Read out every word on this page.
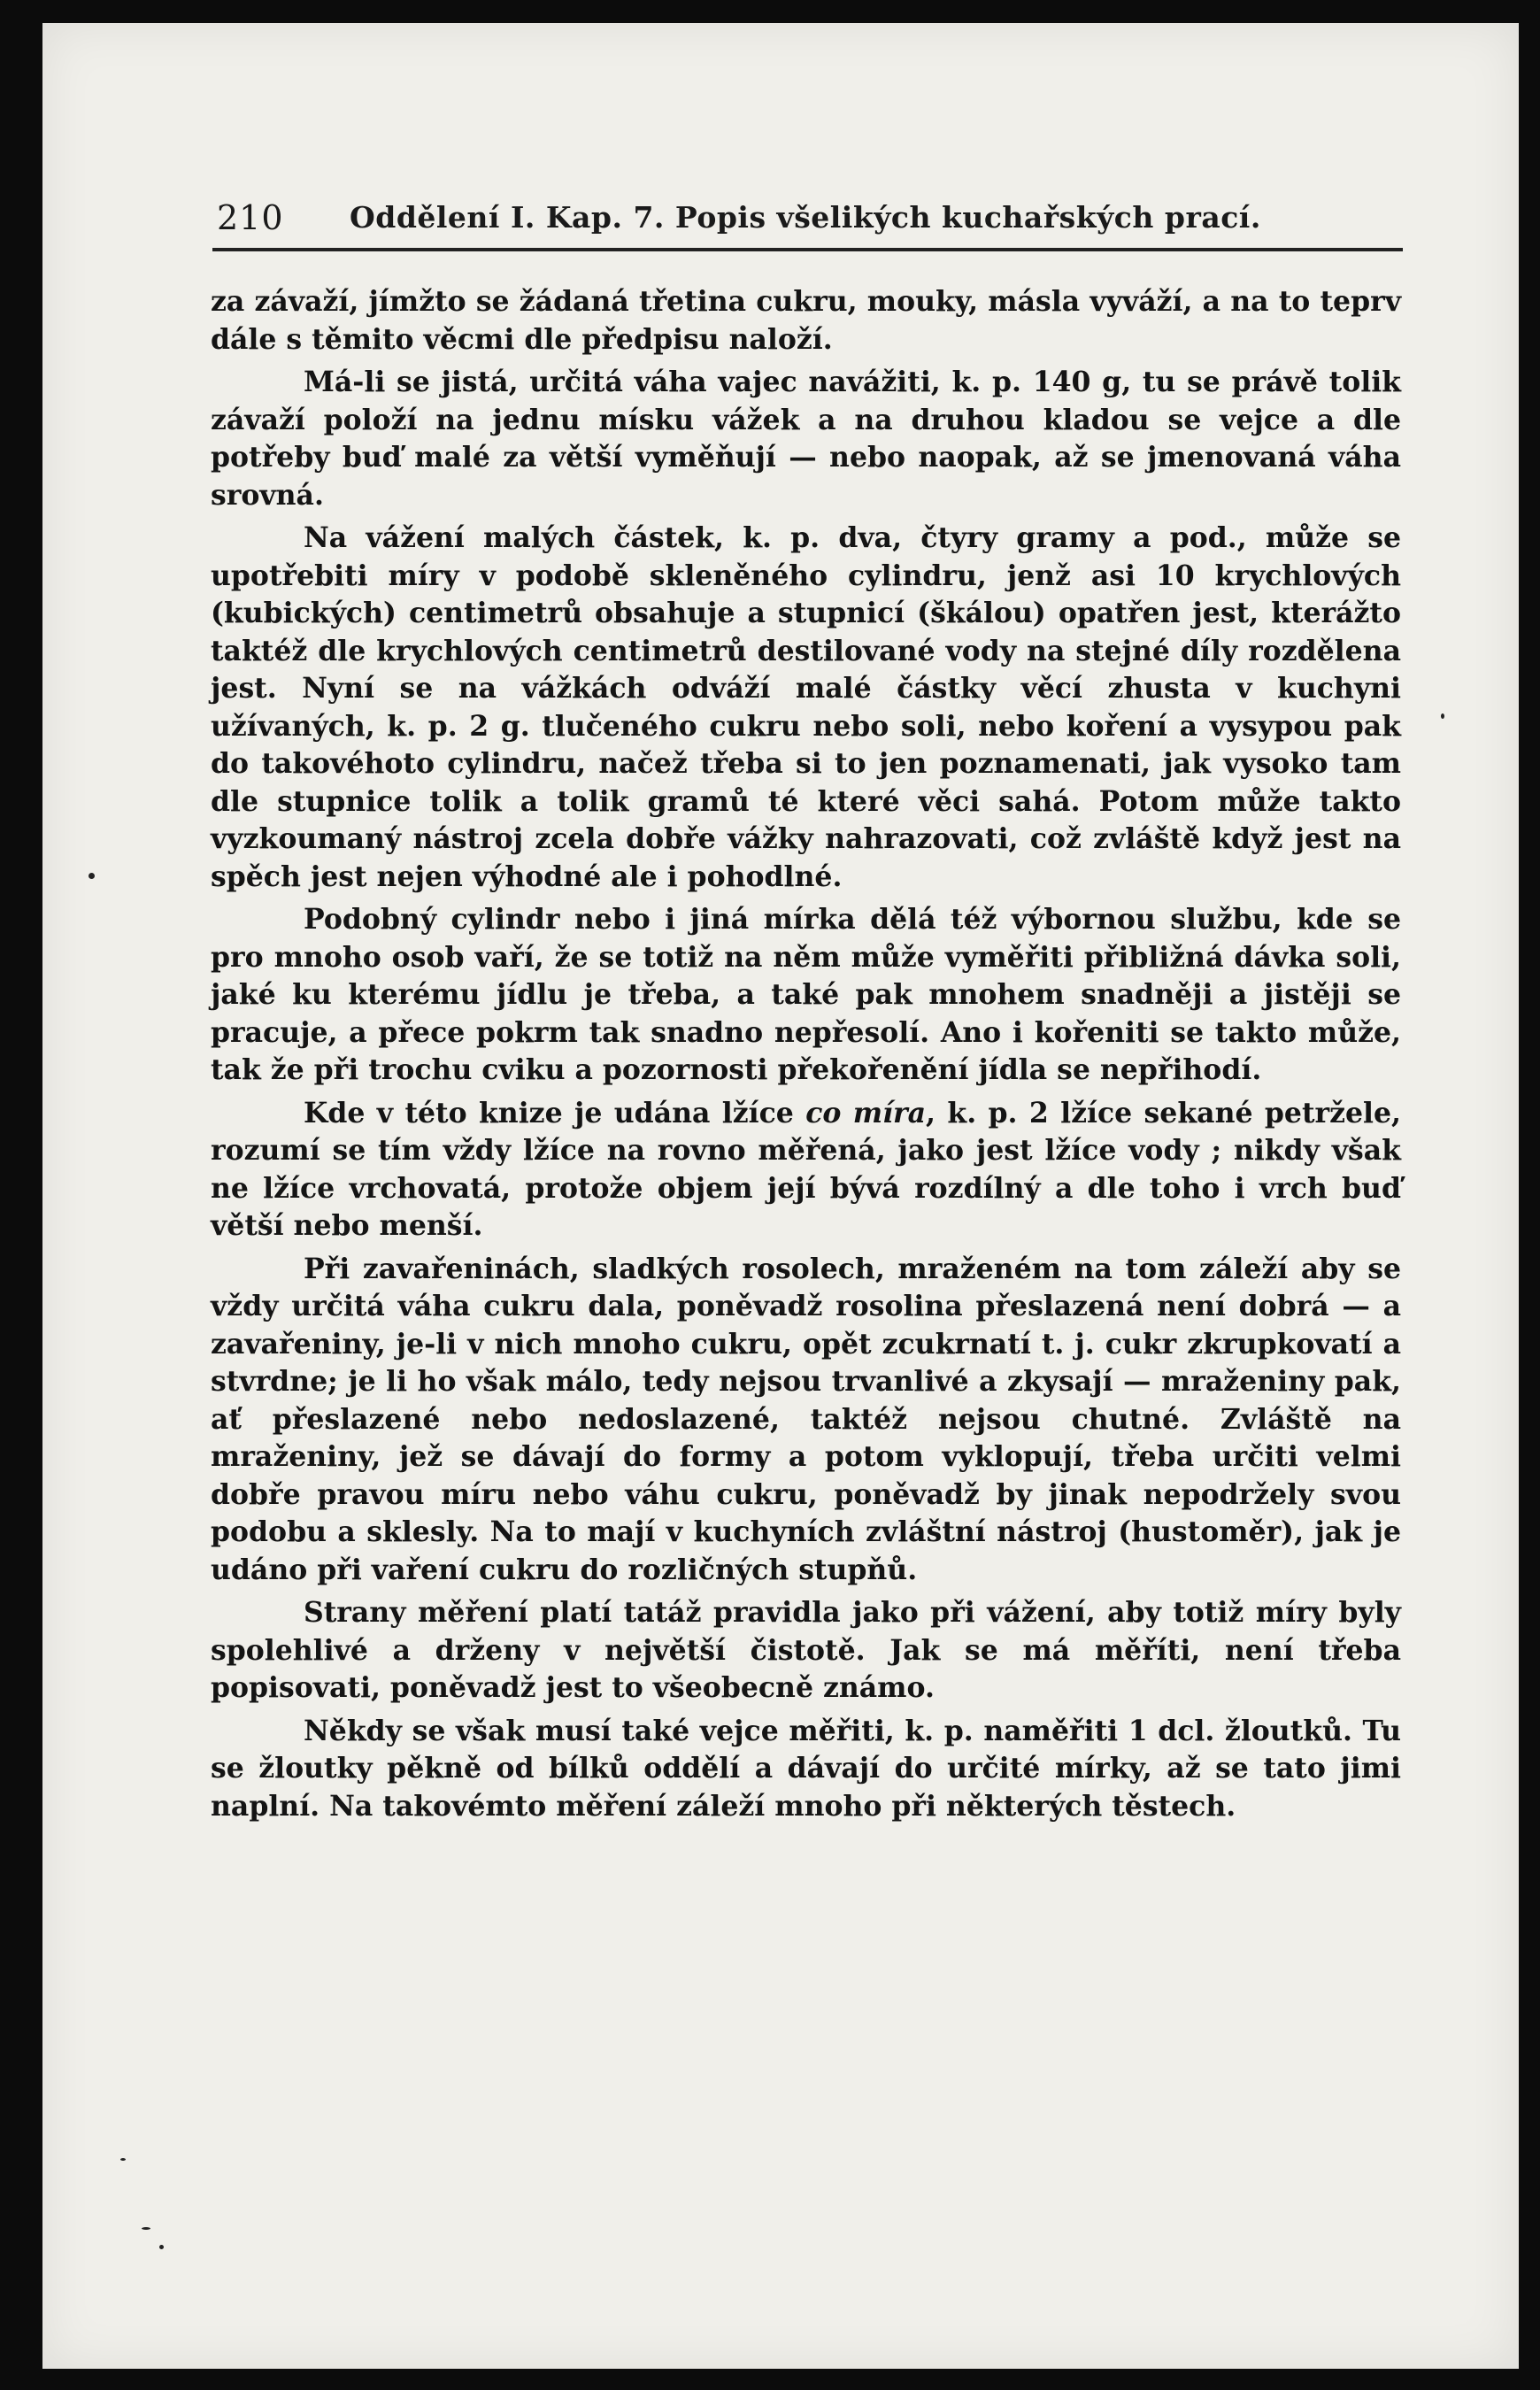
210 Oddělení I. Kap. 7. Popis všelikých kuchařských prací.

za závaží, jímžto se žádaná třetina cukru, mouky, másla vyváží, a na to teprv dále s těmito věcmi dle předpisu naloží.

Má-li se jistá, určitá váha vajec navážiti, k. p. 140 g, tu se právě tolik závaží položí na jednu mísku vážek a na druhou kladou se vejce a dle potřeby buď malé za větší vyměňují — nebo naopak, až se jmenovaná váha srovná.

Na vážení malých částek, k. p. dva, čtyry gramy a pod., může se upotřebiti míry v podobě skleněného cylindru, jenž asi 10 krychlových (kubických) centimetrů obsahuje a stupnicí (škálou) opatřen jest, kterážto taktéž dle krychlových centimetrů destilované vody na stejné díly rozdělena jest. Nyní se na vážkách odváží malé částky věcí zhusta v kuchyni užívaných, k. p. 2 g. tlučeného cukru nebo soli, nebo koření a vysypou pak do takovéhoto cylindru, načež třeba si to jen poznamenati, jak vysoko tam dle stupnice tolik a tolik gramů té které věci sahá. Potom může takto vyzkoumaný nástroj zcela dobře vážky nahrazovati, což zvláště když jest na spěch jest nejen výhodné ale i pohodlné.

Podobný cylindr nebo i jiná mírka dělá též výbornou službu, kde se pro mnoho osob vaří, že se totiž na něm může vyměřiti přibližná dávka soli, jaké ku kterému jídlu je třeba, a také pak mnohem snadněji a jistěji se pracuje, a přece pokrm tak snadno nepřesolí. Ano i kořeniti se takto může, tak že při trochu cviku a pozornosti překořenění jídla se nepřihodí.

Kde v této knize je udána lžíce co míra, k. p. 2 lžíce sekané petržele, rozumí se tím vždy lžíce na rovno měřená, jako jest lžíce vody ; nikdy však ne lžíce vrchovatá, protože objem její bývá rozdílný a dle toho i vrch buď větší nebo menší.

Při zavařeninách, sladkých rosolech, mraženém na tom záleží aby se vždy určitá váha cukru dala, poněvadž rosolina přeslazená není dobrá — a zavařeniny, je-li v nich mnoho cukru, opět zcukrnatí t. j. cukr zkrupkovatí a stvrdne; je li ho však málo, tedy nejsou trvanlivé a zkysají — mraženiny pak, ať přeslazené nebo nedoslazené, taktéž nejsou chutné. Zvláště na mraženiny, jež se dávají do formy a potom vyklopují, třeba určiti velmi dobře pravou míru nebo váhu cukru, poněvadž by jinak nepodržely svou podobu a sklesly. Na to mají v kuchyních zvláštní nástroj (hustoměr), jak je udáno při vaření cukru do rozličných stupňů.

Strany měření platí tatáž pravidla jako při vážení, aby totiž míry byly spolehlivé a drženy v největší čistotě. Jak se má měříti, není třeba popisovati, poněvadž jest to všeobecně známo.

Někdy se však musí také vejce měřiti, k. p. naměřiti 1 dcl. žloutků. Tu se žloutky pěkně od bílků oddělí a dávají do určité mírky, až se tato jimi naplní. Na takovémto měření záleží mnoho při některých těstech.
